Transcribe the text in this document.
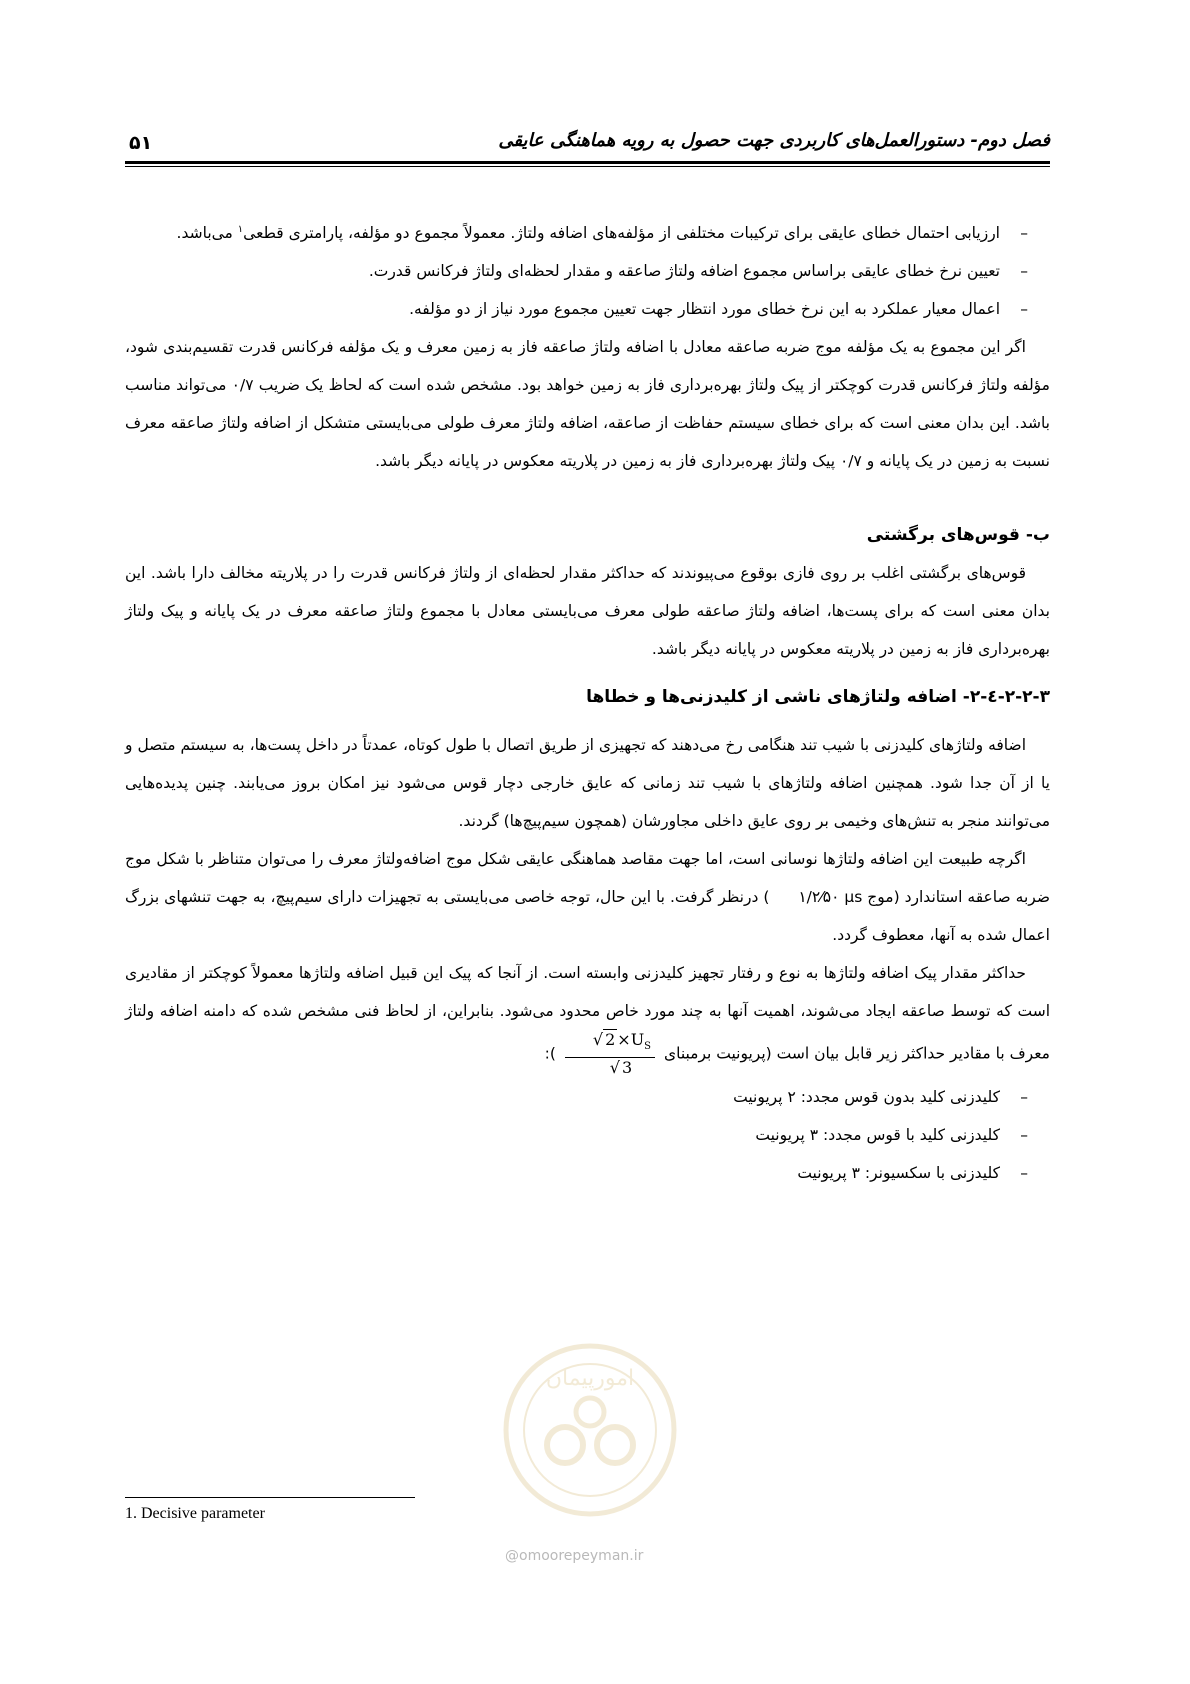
فصل دوم- دستورالعمل‌های کاربردی جهت حصول به رویه هماهنگی عایقی
۵۱

–
ارزیابی احتمال خطای عایقی برای ترکیبات مختلفی از مؤلفه‌های اضافه ولتاژ. معمولاً مجموع دو مؤلفه، پارامتری قطعی$^۱$ می‌باشد.

–
تعیین نرخ خطای عایقی براساس مجموع اضافه ولتاژ صاعقه و مقدار لحظه‌ای ولتاژ فرکانس قدرت.

–
اعمال معیار عملکرد به این نرخ خطای مورد انتظار جهت تعیین مجموع مورد نیاز از دو مؤلفه.

اگر این مجموع به یک مؤلفه موج ضربه صاعقه معادل با اضافه ولتاژ صاعقه فاز به زمین معرف و یک مؤلفه فرکانس قدرت تقسیم‌بندی شود، مؤلفه ولتاژ فرکانس قدرت کوچکتر از پیک ولتاژ بهره‌برداری فاز به زمین خواهد بود. مشخص شده است که لحاظ یک ضریب ۰/۷ می‌تواند مناسب باشد. این بدان معنی است که برای خطای سیستم حفاظت از صاعقه، اضافه ولتاژ معرف طولی می‌بایستی متشکل از اضافه ولتاژ صاعقه معرف نسبت به زمین در یک پایانه و ۰/۷ پیک ولتاژ بهره‌برداری فاز به زمین در پلاریته معکوس در پایانه دیگر باشد.

ب- قوس‌های برگشتی

قوس‌های برگشتی اغلب بر روی فازی بوقوع می‌پیوندند که حداکثر مقدار لحظه‌ای از ولتاژ فرکانس قدرت را در پلاریته مخالف دارا باشد. این بدان معنی است که برای پست‌ها، اضافه ولتاژ صاعقه طولی معرف می‌بایستی معادل با مجموع ولتاژ صاعقه معرف در یک پایانه و پیک ولتاژ بهره‌برداری فاز به زمین در پلاریته معکوس در پایانه دیگر باشد.

۲-۲-۳-٤-۲- اضافه ولتاژهای ناشی از کلیدزنی‌ها و خطاها

اضافه ولتاژهای کلیدزنی با شیب تند هنگامی رخ می‌دهند که تجهیزی از طریق اتصال با طول کوتاه، عمدتاً در داخل پست‌ها، به سیستم متصل و یا از آن جدا شود. همچنین اضافه ولتاژهای با شیب تند زمانی که عایق خارجی دچار قوس می‌شود نیز امکان بروز می‌یابند. چنین پدیده‌هایی می‌توانند منجر به تنش‌های وخیمی بر روی عایق داخلی مجاورشان (همچون سیم‌پیچ‌ها) گردند.

اگرچه طبیعت این اضافه ولتاژها نوسانی است، اما جهت مقاصد هماهنگی عایقی شکل موج اضافه‌ولتاژ معرف را می‌توان متناظر با شکل موج ضربه صاعقه استاندارد (موج ۱/۲⁄۵۰ µs ) درنظر گرفت. با این حال، توجه خاصی می‌بایستی به تجهیزات دارای سیم‌پیچ، به جهت تنشهای بزرگ اعمال شده به آنها، معطوف گردد.

حداکثر مقدار پیک اضافه ولتاژها به نوع و رفتار تجهیز کلیدزنی وابسته است. از آنجا که پیک این قبیل اضافه ولتاژها معمولاً کوچکتر از مقادیری است که توسط صاعقه ایجاد می‌شوند، اهمیت آنها به چند مورد خاص محدود می‌شود. بنابراین، از لحاظ فنی مشخص شده که دامنه اضافه ولتاژ معرف با مقادیر حداکثر زیر قابل بیان است (پریونیت برمبنای
$\frac{√ 2 \times U_S}{√ 3}$
):

–
کلیدزنی کلید بدون قوس مجدد: ۲ پریونیت

–
کلیدزنی کلید با قوس مجدد: ۳ پریونیت

–
کلیدزنی با سکسیونر: ۳ پریونیت

امورپیمان
@omoorepeyman.ir
1. Decisive parameter
